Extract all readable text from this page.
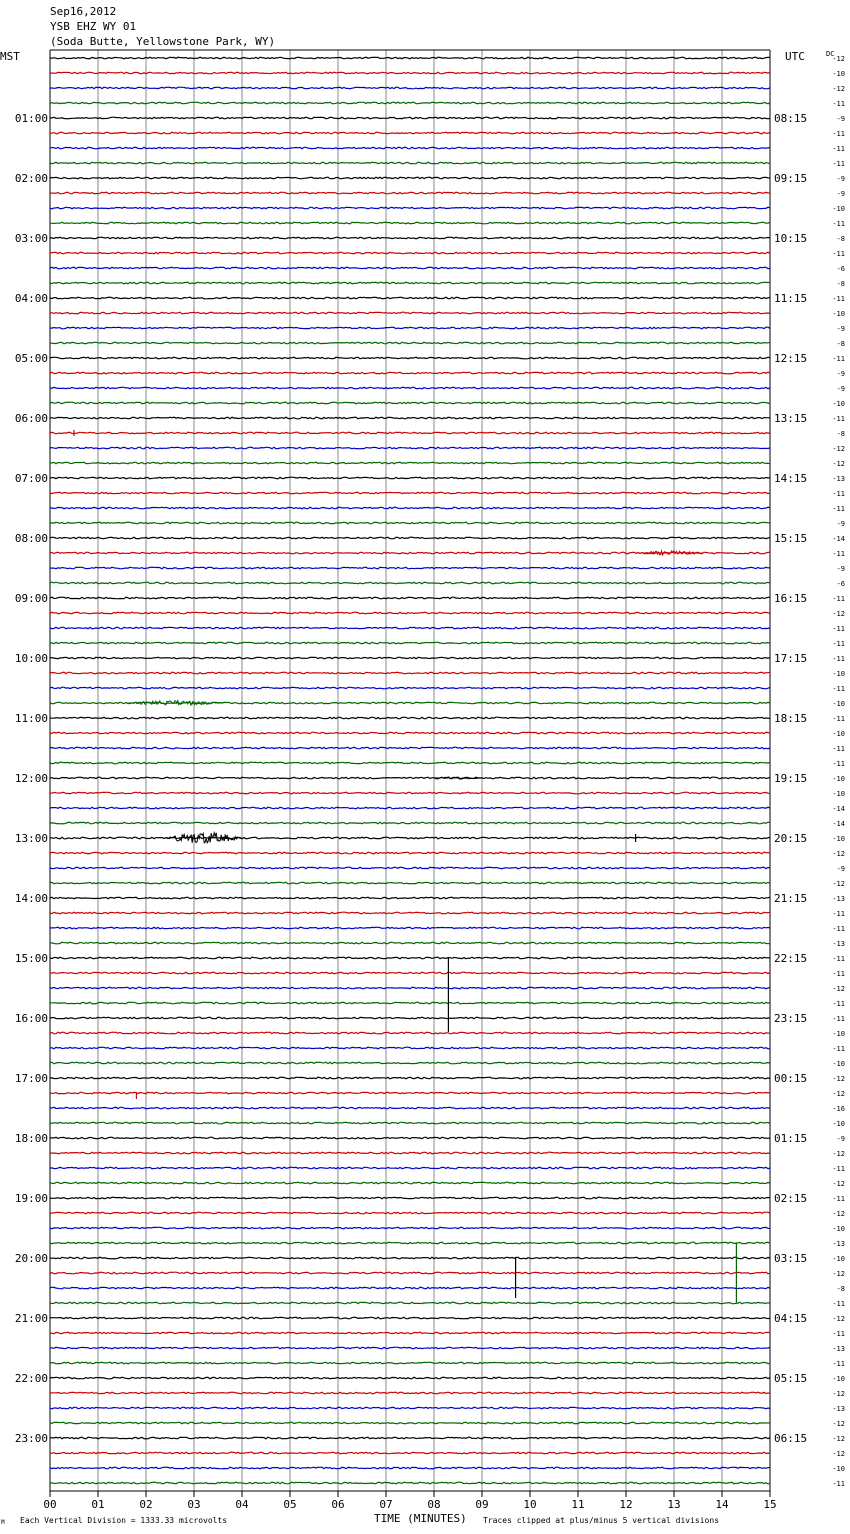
Sep16,2012
YSB EHZ WY 01
(Soda Butte, Yellowstone Park, WY)
MST	UTC	DC
TIME (MINUTES)
Each Vertical Division = 1333.33 microvolts	Traces clipped at plus/minus 5 vertical divisions
M
01:00
02:00
03:00
04:00
05:00
06:00
07:00
08:00
09:00
10:00
11:00
12:00
13:00
14:00
15:00
16:00
17:00
18:00
19:00
20:00
21:00
22:00
23:00
08:15
09:15
10:15
11:15
12:15
13:15
14:15
15:15
16:15
17:15
18:15
19:15
20:15
21:15
22:15
23:15
00:15
01:15
02:15
03:15
04:15
05:15
06:15
-12
-10
-12
-11
-9
-11
-11
-11
-9
-9
-10
-11
-8
-11
-6
-8
-11
-10
-9
-8
-11
-9
-9
-10
-11
-8
-12
-12
-13
-11
-11
-9
-14
-11
-9
-6
-11
-12
-11
-11
-11
-10
-11
-10
-11
-10
-11
-11
-10
-10
-14
-14
-10
-12
-9
-12
-13
-11
-11
-13
-11
-11
-12
-11
-11
-10
-11
-10
-12
-12
-16
-10
-9
-12
-11
-12
-11
-12
-10
-13
-10
-12
-8
-11
-12
-11
-13
-11
-10
-12
-13
-12
-12
-12
-10
-11
00	01	02	03	04	05	06	07	08	09	10	11	12	13	14	15
